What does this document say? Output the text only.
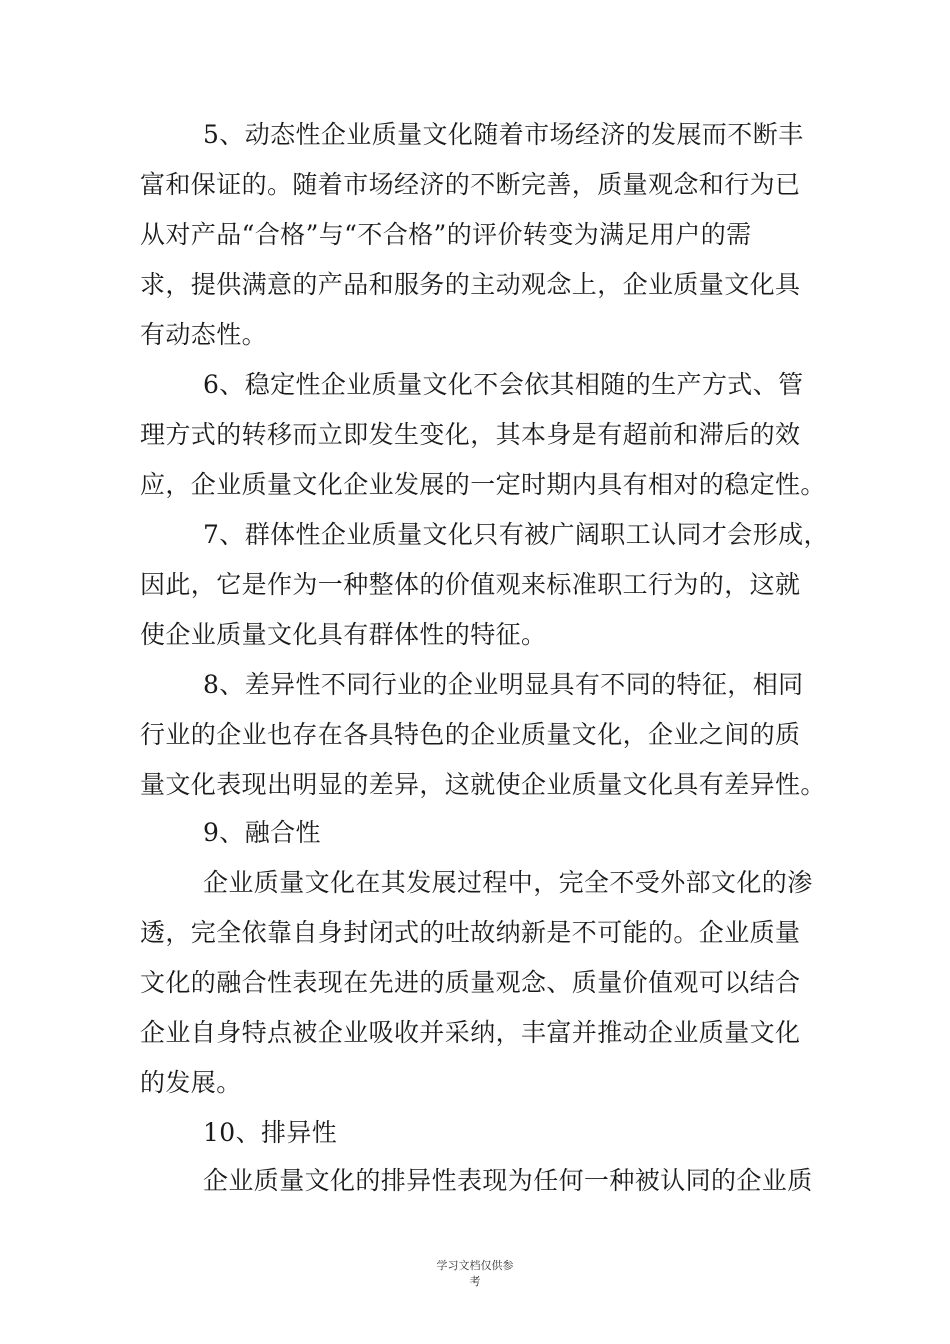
5、动态性企业质量文化随着市场经济的发展而不断丰
富和保证的。随着市场经济的不断完善，质量观念和行为已
从对产品“合格”与“不合格”的评价转变为满足用户的需
求，提供满意的产品和服务的主动观念上，企业质量文化具
有动态性。
6、稳定性企业质量文化不会依其相随的生产方式、管
理方式的转移而立即发生变化，其本身是有超前和滞后的效
应，企业质量文化企业发展的一定时期内具有相对的稳定性。
7、群体性企业质量文化只有被广阔职工认同才会形成，
因此，它是作为一种整体的价值观来标准职工行为的，这就
使企业质量文化具有群体性的特征。
8、差异性不同行业的企业明显具有不同的特征，相同
行业的企业也存在各具特色的企业质量文化，企业之间的质
量文化表现出明显的差异，这就使企业质量文化具有差异性。
9、融合性
企业质量文化在其发展过程中，完全不受外部文化的渗
透，完全依靠自身封闭式的吐故纳新是不可能的。企业质量
文化的融合性表现在先进的质量观念、质量价值观可以结合
企业自身特点被企业吸收并采纳，丰富并推动企业质量文化
的发展。
10、排异性
企业质量文化的排异性表现为任何一种被认同的企业质
学习文档仅供参
考
